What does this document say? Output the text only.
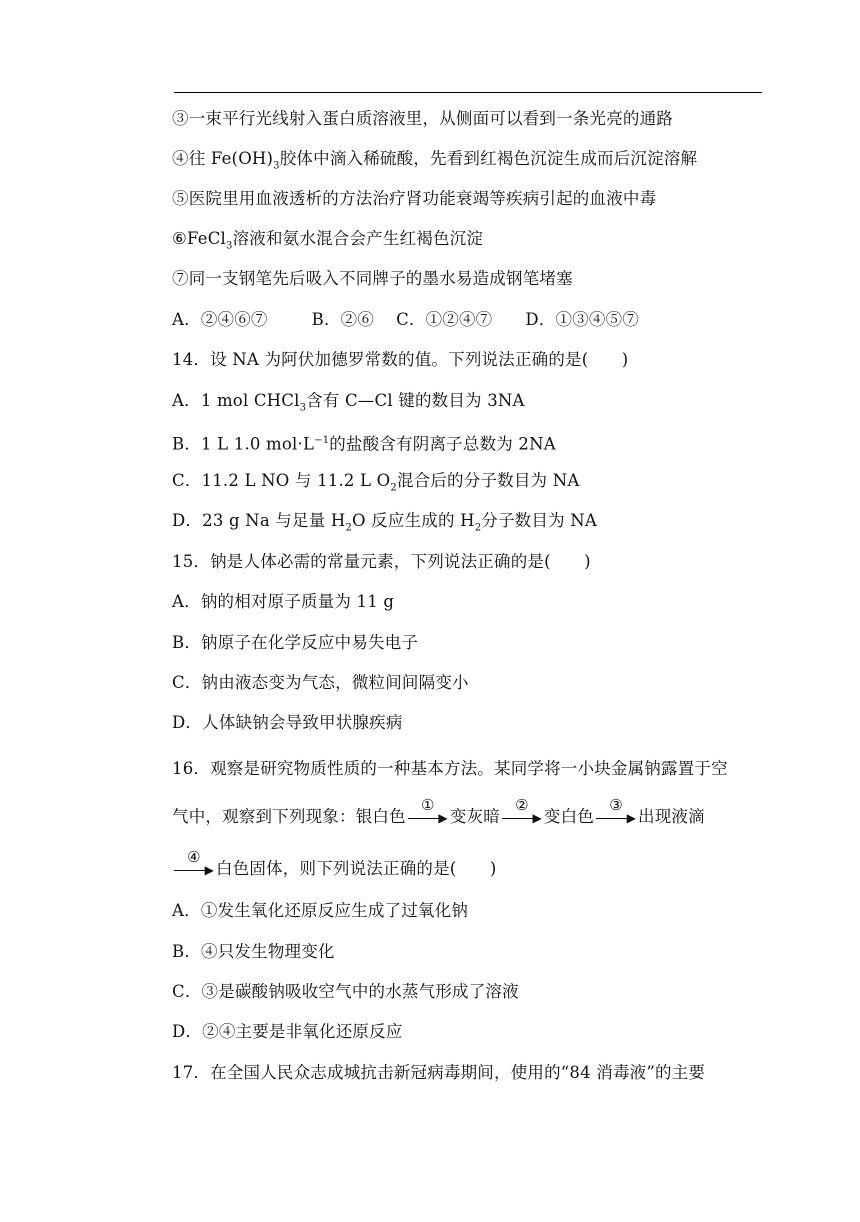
③一束平行光线射入蛋白质溶液里，从侧面可以看到一条光亮的通路
④往 $Fe(OH)_3$胶体中滴入稀硫酸，先看到红褐色沉淀生成而后沉淀溶解
⑤医院里用血液透析的方法治疗肾功能衰竭等疾病引起的血液中毒
⑥FeCl$_3$溶液和氨水混合会产生红褐色沉淀
⑦同一支钢笔先后吸入不同牌子的墨水易造成钢笔堵塞
A．②④⑥⑦	B．②⑥ C．①②④⑦ D．①③④⑤⑦
14．设 NA 为阿伏加德罗常数的值。下列说法正确的是(　　)
A．1 mol CHCl$_3$含有 C—Cl 键的数目为 3NA
B．1 L 1.0 $mol\cdot L^{-1}$的盐酸含有阴离子总数为 2NA
C．11.2 L NO 与 11.2 L $O_2$混合后的分子数目为 NA
D．23 g Na 与足量 $H_2O$ 反应生成的 $H_2$分子数目为 NA
15．钠是人体必需的常量元素，下列说法正确的是(　　)
A．钠的相对原子质量为 11 g
B．钠原子在化学反应中易失电子
C．钠由液态变为气态，微粒间间隔变小
D．人体缺钠会导致甲状腺疾病
16．观察是研究物质性质的一种基本方法。某同学将一小块金属钠露置于空
气中，观察到下列现象：银白色
①
▶ 变灰暗
②
▶ 变白色
③
▶ 出现液滴
④
▶ 白色固体，则下列说法正确的是(　　)
A．①发生氧化还原反应生成了过氧化钠
B．④只发生物理变化
C．③是碳酸钠吸收空气中的水蒸气形成了溶液
D．②④主要是非氧化还原反应
17．在全国人民众志成城抗击新冠病毒期间，使用的“84 消毒液”的主要
